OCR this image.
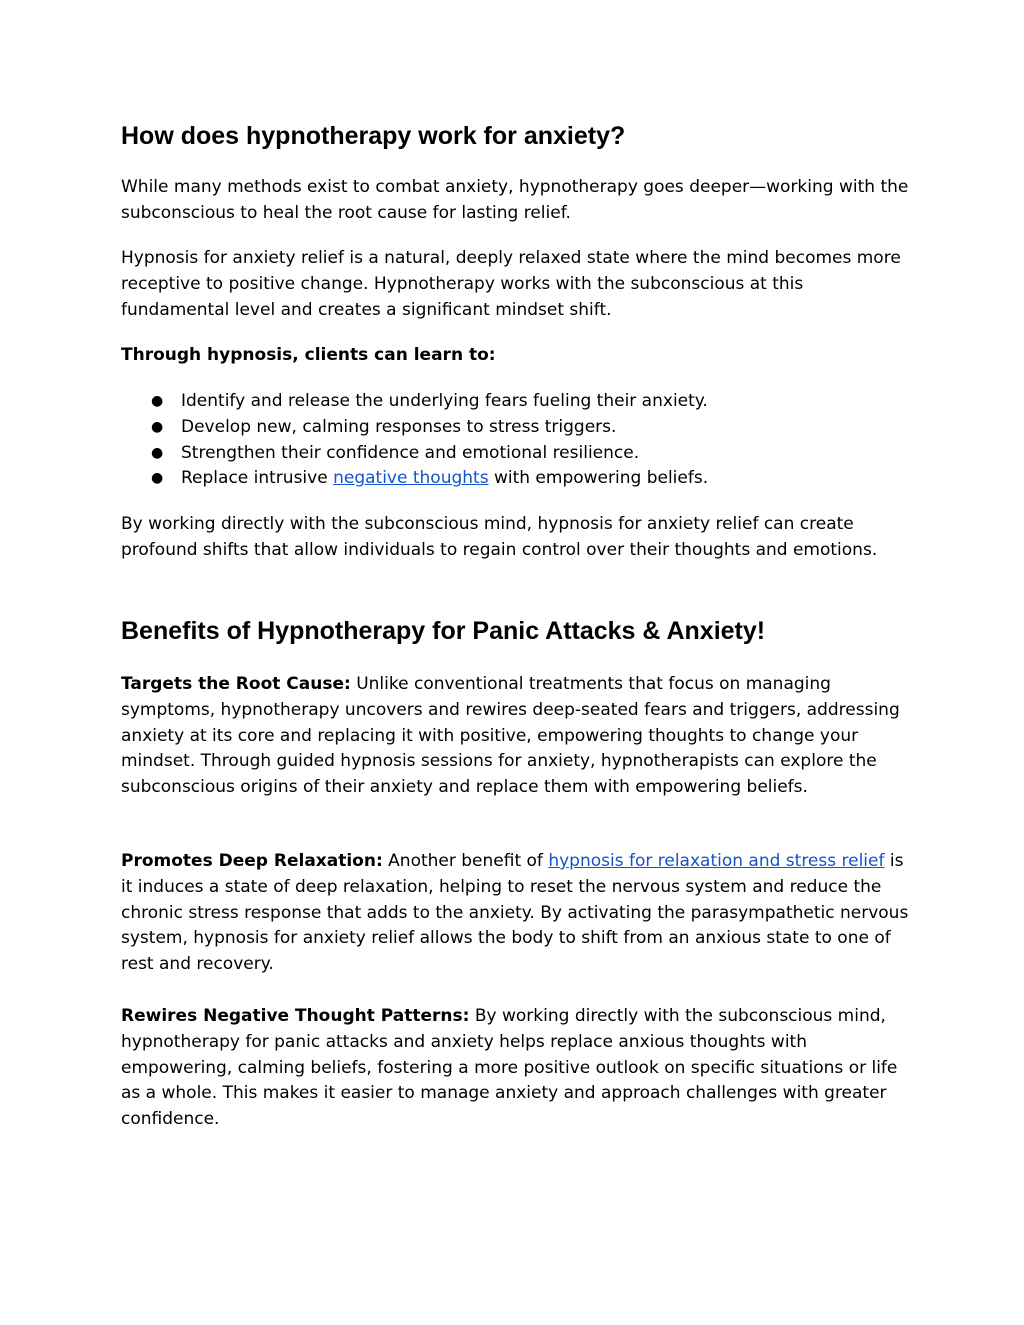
How does hypnotherapy work for anxiety?

While many methods exist to combat anxiety, hypnotherapy goes deeper—working with the subconscious to heal the root cause for lasting relief.

Hypnosis for anxiety relief is a natural, deeply relaxed state where the mind becomes more receptive to positive change. Hypnotherapy works with the subconscious at this fundamental level and creates a significant mindset shift.

Through hypnosis, clients can learn to:

● Identify and release the underlying fears fueling their anxiety.
● Develop new, calming responses to stress triggers.
● Strengthen their confidence and emotional resilience.
● Replace intrusive negative thoughts with empowering beliefs.

By working directly with the subconscious mind, hypnosis for anxiety relief can create profound shifts that allow individuals to regain control over their thoughts and emotions.

Benefits of Hypnotherapy for Panic Attacks & Anxiety!

Targets the Root Cause: Unlike conventional treatments that focus on managing symptoms, hypnotherapy uncovers and rewires deep-seated fears and triggers, addressing anxiety at its core and replacing it with positive, empowering thoughts to change your mindset. Through guided hypnosis sessions for anxiety, hypnotherapists can explore the subconscious origins of their anxiety and replace them with empowering beliefs.

Promotes Deep Relaxation: Another benefit of hypnosis for relaxation and stress relief is it induces a state of deep relaxation, helping to reset the nervous system and reduce the chronic stress response that adds to the anxiety. By activating the parasympathetic nervous system, hypnosis for anxiety relief allows the body to shift from an anxious state to one of rest and recovery.

Rewires Negative Thought Patterns: By working directly with the subconscious mind, hypnotherapy for panic attacks and anxiety helps replace anxious thoughts with empowering, calming beliefs, fostering a more positive outlook on specific situations or life as a whole. This makes it easier to manage anxiety and approach challenges with greater confidence.
